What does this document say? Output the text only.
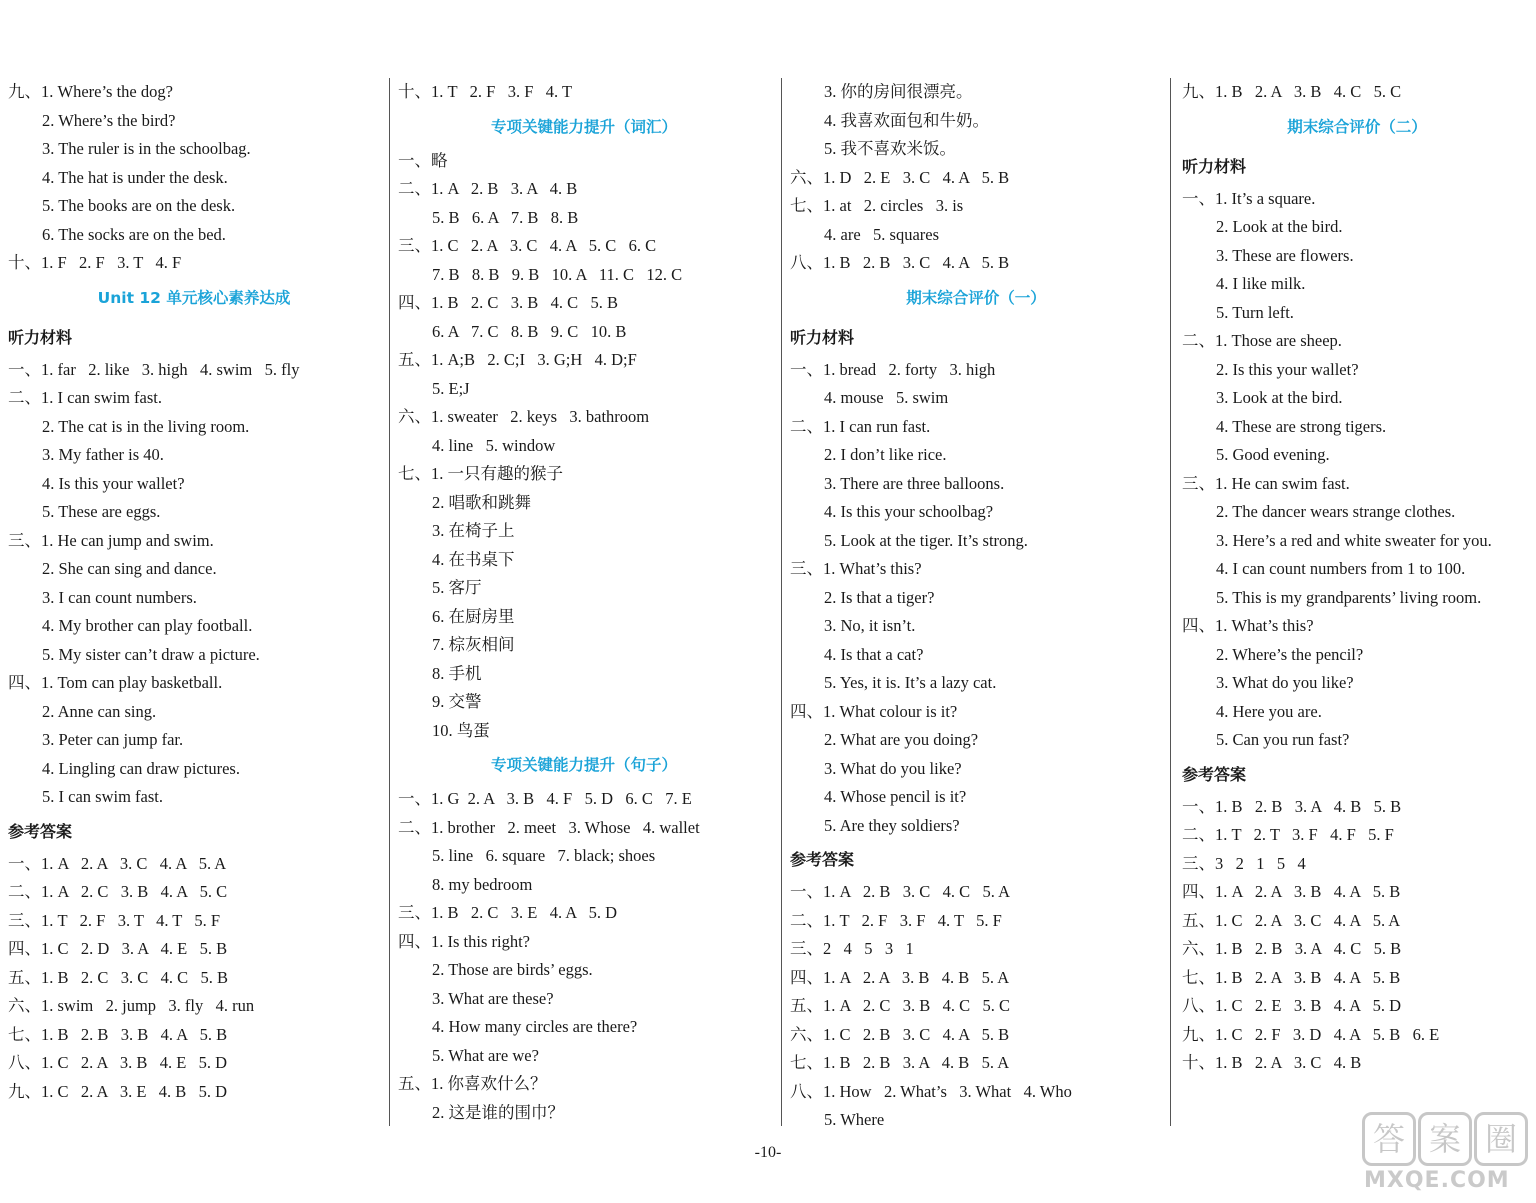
九、1. Where’s the dog?
2. Where’s the bird?
3. The ruler is in the schoolbag.
4. The hat is under the desk.
5. The books are on the desk.
6. The socks are on the bed.
十、1. F   2. F   3. T   4. F
Unit 12 单元核心素养达成
听力材料
一、1. far   2. like   3. high   4. swim   5. fly
二、1. I can swim fast.
2. The cat is in the living room.
3. My father is 40.
4. Is this your wallet?
5. These are eggs.
三、1. He can jump and swim.
2. She can sing and dance.
3. I can count numbers.
4. My brother can play football.
5. My sister can’t draw a picture.
四、1. Tom can play basketball.
2. Anne can sing.
3. Peter can jump far.
4. Lingling can draw pictures.
5. I can swim fast.
参考答案
一、1. A   2. A   3. C   4. A   5. A
二、1. A   2. C   3. B   4. A   5. C
三、1. T   2. F   3. T   4. T   5. F
四、1. C   2. D   3. A   4. E   5. B
五、1. B   2. C   3. C   4. C   5. B
六、1. swim   2. jump   3. fly   4. run
七、1. B   2. B   3. B   4. A   5. B
八、1. C   2. A   3. B   4. E   5. D
九、1. C   2. A   3. E   4. B   5. D
十、1. T   2. F   3. F   4. T
专项关键能力提升（词汇）
一、略
二、1. A   2. B   3. A   4. B
5. B   6. A   7. B   8. B
三、1. C   2. A   3. C   4. A   5. C   6. C
7. B   8. B   9. B   10. A   11. C   12. C
四、1. B   2. C   3. B   4. C   5. B
6. A   7. C   8. B   9. C   10. B
五、1. A;B   2. C;I   3. G;H   4. D;F
5. E;J
六、1. sweater   2. keys   3. bathroom
4. line   5. window
七、1. 一只有趣的猴子
2. 唱歌和跳舞
3. 在椅子上
4. 在书桌下
5. 客厅
6. 在厨房里
7. 棕灰相间
8. 手机
9. 交警
10. 鸟蛋
专项关键能力提升（句子）
一、1. G  2. A   3. B   4. F   5. D   6. C   7. E
二、1. brother   2. meet   3. Whose   4. wallet
5. line   6. square   7. black; shoes
8. my bedroom
三、1. B   2. C   3. E   4. A   5. D
四、1. Is this right?
2. Those are birds’ eggs.
3. What are these?
4. How many circles are there?
5. What are we?
五、1. 你喜欢什么？
2. 这是谁的围巾？
3. 你的房间很漂亮。
4. 我喜欢面包和牛奶。
5. 我不喜欢米饭。
六、1. D   2. E   3. C   4. A   5. B
七、1. at   2. circles   3. is
4. are   5. squares
八、1. B   2. B   3. C   4. A   5. B
期末综合评价（一）
听力材料
一、1. bread   2. forty   3. high
4. mouse   5. swim
二、1. I can run fast.
2. I don’t like rice.
3. There are three balloons.
4. Is this your schoolbag?
5. Look at the tiger. It’s strong.
三、1. What’s this?
2. Is that a tiger?
3. No, it isn’t.
4. Is that a cat?
5. Yes, it is. It’s a lazy cat.
四、1. What colour is it?
2. What are you doing?
3. What do you like?
4. Whose pencil is it?
5. Are they soldiers?
参考答案
一、1. A   2. B   3. C   4. C   5. A
二、1. T   2. F   3. F   4. T   5. F
三、2   4   5   3   1
四、1. A   2. A   3. B   4. B   5. A
五、1. A   2. C   3. B   4. C   5. C
六、1. C   2. B   3. C   4. A   5. B
七、1. B   2. B   3. A   4. B   5. A
八、1. How   2. What’s   3. What   4. Who
5. Where
九、1. B   2. A   3. B   4. C   5. C
期末综合评价（二）
听力材料
一、1. It’s a square.
2. Look at the bird.
3. These are flowers.
4. I like milk.
5. Turn left.
二、1. Those are sheep.
2. Is this your wallet?
3. Look at the bird.
4. These are strong tigers.
5. Good evening.
三、1. He can swim fast.
2. The dancer wears strange clothes.
3. Here’s a red and white sweater for you.
4. I can count numbers from 1 to 100.
5. This is my grandparents’ living room.
四、1. What’s this?
2. Where’s the pencil?
3. What do you like?
4. Here you are.
5. Can you run fast?
参考答案
一、1. B   2. B   3. A   4. B   5. B
二、1. T   2. T   3. F   4. F   5. F
三、3   2   1   5   4
四、1. A   2. A   3. B   4. A   5. B
五、1. C   2. A   3. C   4. A   5. A
六、1. B   2. B   3. A   4. C   5. B
七、1. B   2. A   3. B   4. A   5. B
八、1. C   2. E   3. B   4. A   5. D
九、1. C   2. F   3. D   4. A   5. B   6. E
十、1. B   2. A   3. C   4. B
-10-	答 案 圈
MXQE.COM
